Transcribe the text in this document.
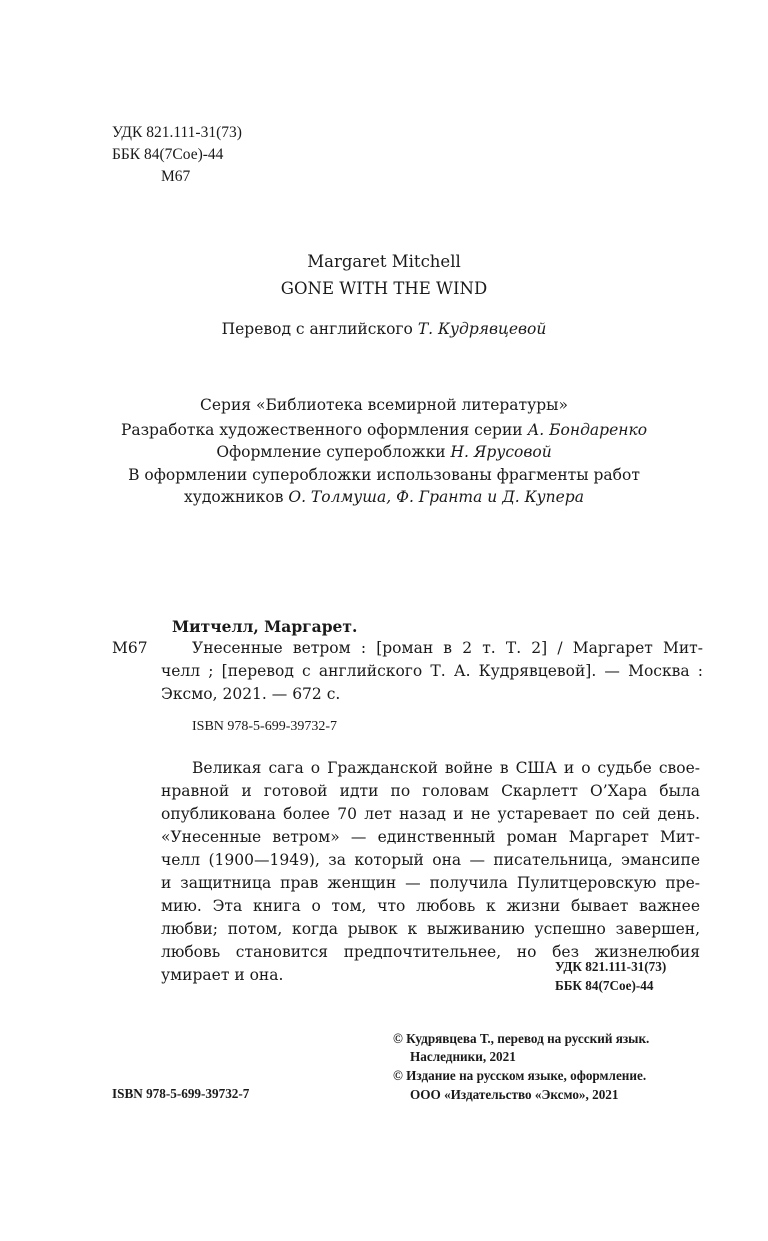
УДК 821.111-31(73)
ББК 84(7Сое)-44
М67
Margaret Mitchell
GONE WITH THE WIND
Перевод с английского Т. Кудрявцевой
Серия «Библиотека всемирной литературы»
Разработка художественного оформления серии А. Бондаренко
Оформление суперобложки Н. Ярусовой
В оформлении суперобложки использованы фрагменты работ
художников О. Толмуша, Ф. Гранта и Д. Купера
Митчелл, Маргарет.
М67	Унесенные ветром : [роман в 2 т. Т. 2] / Маргарет Мит-
челл ; [перевод с английского Т. А. Кудрявцевой]. — Москва :
Эксмо, 2021. — 672 с.
ISBN 978-5-699-39732-7
Великая сага о Гражданской войне в США и о судьбе свое-
нравной и готовой идти по головам Скарлетт О’Хара была
опубликована более 70 лет назад и не устаревает по сей день.
«Унесенные ветром» — единственный роман Маргарет Мит-
челл (1900—1949), за который она — писательница, эмансипе
и защитница прав женщин — получила Пулитцеровскую пре-
мию. Эта книга о том, что любовь к жизни бывает важнее
любви; потом, когда рывок к выживанию успешно завершен,
любовь становится предпочтительнее, но без жизнелюбия
умирает и она.	УДК 821.111-31(73)
ББК 84(7Сое)-44
© Кудрявцева Т., перевод на русский язык.
Наследники, 2021
© Издание на русском языке, оформление.
ООО «Издательство «Эксмо», 2021
ISBN 978-5-699-39732-7
